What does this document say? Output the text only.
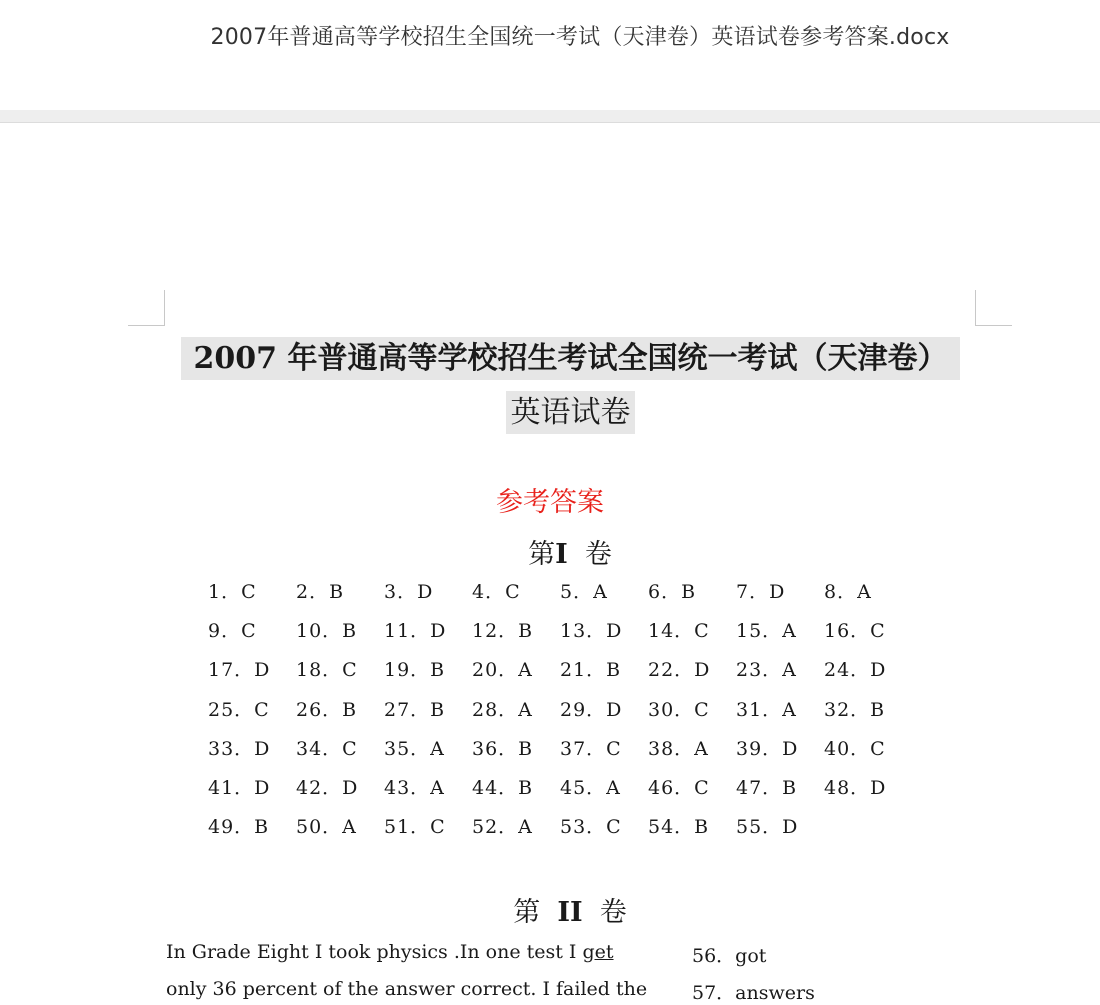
2007年普通高等学校招生全国统一考试（天津卷）英语试卷参考答案.docx
2007 年普通高等学校招生考试全国统一考试（天津卷）
英语试卷
参考答案
第I 卷
1．C 2．B 3．D 4．C 5．A 6．B 7．D 8．A
9．C 10．B 11．D 12．B 13．D 14．C 15．A 16．C
17．D 18．C 19．B 20．A 21．B 22．D 23．A 24．D
25．C 26．B 27．B 28．A 29．D 30．C 31．A 32．B
33．D 34．C 35．A 36．B 37．C 38．A 39．D 40．C
41．D 42．D 43．A 44．B 45．A 46．C 47．B 48．D
49．B 50．A 51．C 52．A 53．C 54．B 55．D
第 II 卷
In Grade Eight I took physics .In one test I get	56．got
only 36 percent of the answer correct. I failed the 57．answers
